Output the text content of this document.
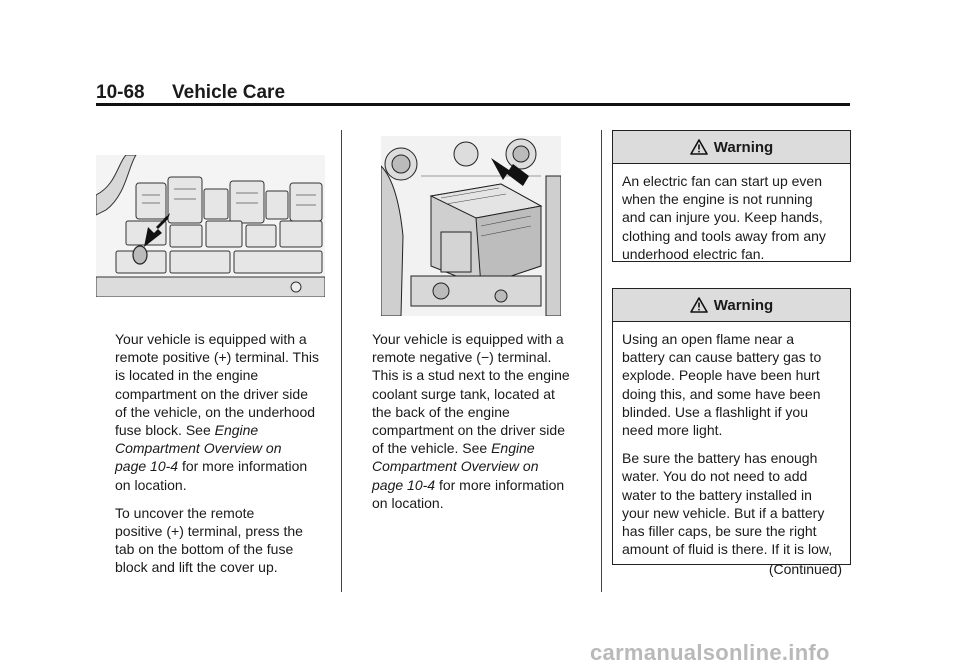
10-68 Vehicle Care

Your vehicle is equipped with a
remote positive (+) terminal. This
is located in the engine
compartment on the driver side
of the vehicle, on the underhood
fuse block. See Engine
Compartment Overview on
page 10-4 for more information
on location.

To uncover the remote
positive (+) terminal, press the
tab on the bottom of the fuse
block and lift the cover up.

Your vehicle is equipped with a
remote negative (−) terminal.
This is a stud next to the engine
coolant surge tank, located at
the back of the engine
compartment on the driver side
of the vehicle. See Engine
Compartment Overview on
page 10-4 for more information
on location.

Warning
An electric fan can start up even
when the engine is not running
and can injure you. Keep hands,
clothing and tools away from any
underhood electric fan.
Warning

Using an open flame near a
battery can cause battery gas to
explode. People have been hurt
doing this, and some have been
blinded. Use a flashlight if you
need more light.

Be sure the battery has enough
water. You do not need to add
water to the battery installed in
your new vehicle. But if a battery
has filler caps, be sure the right
amount of fluid is there. If it is low,

(Continued)
carmanualsonline.info
